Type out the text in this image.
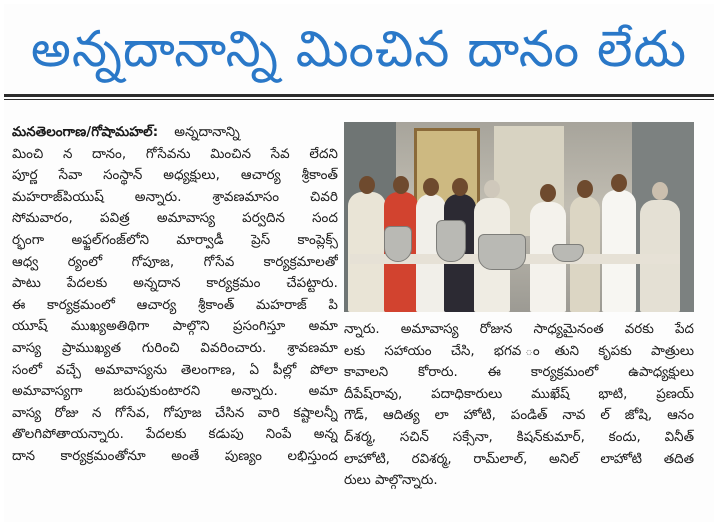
అన్నదానాన్ని మించిన దానం లేదు
మనతెలంగాణ/గోషామహల్: అన్నదానాన్ని
మించి న దానం, గోసేవను మించిన సేవ లేదని
పూర్ణ సేవా సంస్థాన్ అధ్యక్షులు, ఆచార్య శ్రీకాంత్
మహరాజ్‌పియుష్ అన్నారు. శ్రావణమాసం చివరి
సోమవారం, పవిత్ర అమావాస్య పర్వదిన సంద
ర్భంగా అఫ్జల్‌గంజ్‌లోని మార్వాడీ ప్రెస్ కాంప్లెక్స్
ఆధ్వ ర్యంలో గోపూజ, గోసేవ కార్యక్రమాలతో
పాటు పేదలకు అన్నదాన కార్యక్రమం చేపట్టారు.
ఈ కార్యక్రమంలో ఆచార్య శ్రీకాంత్ మహరాజ్ పి
యూష్ ముఖ్యఅతిథిగా పాల్గొని ప్రసంగిస్తూ అమా
వాస్య ప్రాముఖ్యత గురించి వివరించారు. శ్రావణమా
సంలో వచ్చే అమావాస్యను తెలంగాణ, ఏ పీల్లో పోలా
అమావాస్యగా జరుపుకుంటారని అన్నారు. అమా
వాస్య రోజు న గోసేవ, గోపూజ చేసిన వారి కష్టాలన్నీ
తొలగిపోతాయన్నారు. పేదలకు కడుపు నింపే అన్న
దాన కార్యక్రమంతోనూ అంతే పుణ్యం లభిస్తుంద
న్నారు. అమావాస్య రోజున సాధ్యమైనంత వరకు పేద
లకు సహాయం చేసి, భగవ ంతుని కృపకు పాత్రులు
కావాలని కోరారు. ఈ కార్యక్రమంలో ఉపాధ్యక్షులు
దీపేష్‌రావు, పదాధికారులు ముఖేష్ భాటి, ప్రణయ్
గౌడ్, ఆదిత్య లా హోటి, పండిత్ నావ ల్ జోషి, ఆనం
ద్‌శర్మ, సచిన్ సక్సేనా, కిషన్‌కుమార్, కందు, వినీత్
లాహోటి, రవిశర్మ, రామ్‌లాల్, అనిల్ లాహోటి తదిత
రులు పాల్గొన్నారు.
